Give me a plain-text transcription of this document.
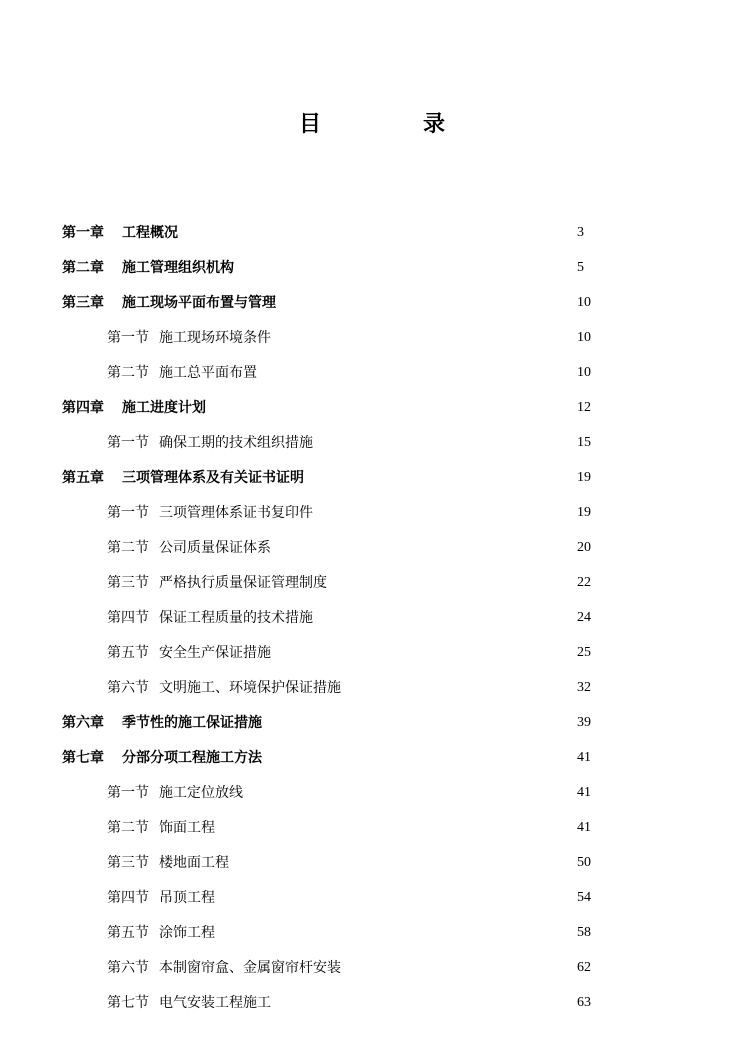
目　录
第一章 工程概况	3
第二章 施工管理组织机构	5
第三章 施工现场平面布置与管理	10
第一节 施工现场环境条件	10
第二节 施工总平面布置	10
第四章 施工进度计划	12
第一节 确保工期的技术组织措施	15
第五章 三项管理体系及有关证书证明	19
第一节 三项管理体系证书复印件	19
第二节 公司质量保证体系	20
第三节 严格执行质量保证管理制度	22
第四节 保证工程质量的技术措施	24
第五节 安全生产保证措施	25
第六节 文明施工、环境保护保证措施	32
第六章 季节性的施工保证措施	39
第七章 分部分项工程施工方法	41
第一节 施工定位放线	41
第二节 饰面工程	41
第三节 楼地面工程	50
第四节 吊顶工程	54
第五节 涂饰工程	58
第六节 本制窗帘盒、金属窗帘杆安装	62
第七节 电气安装工程施工	63
